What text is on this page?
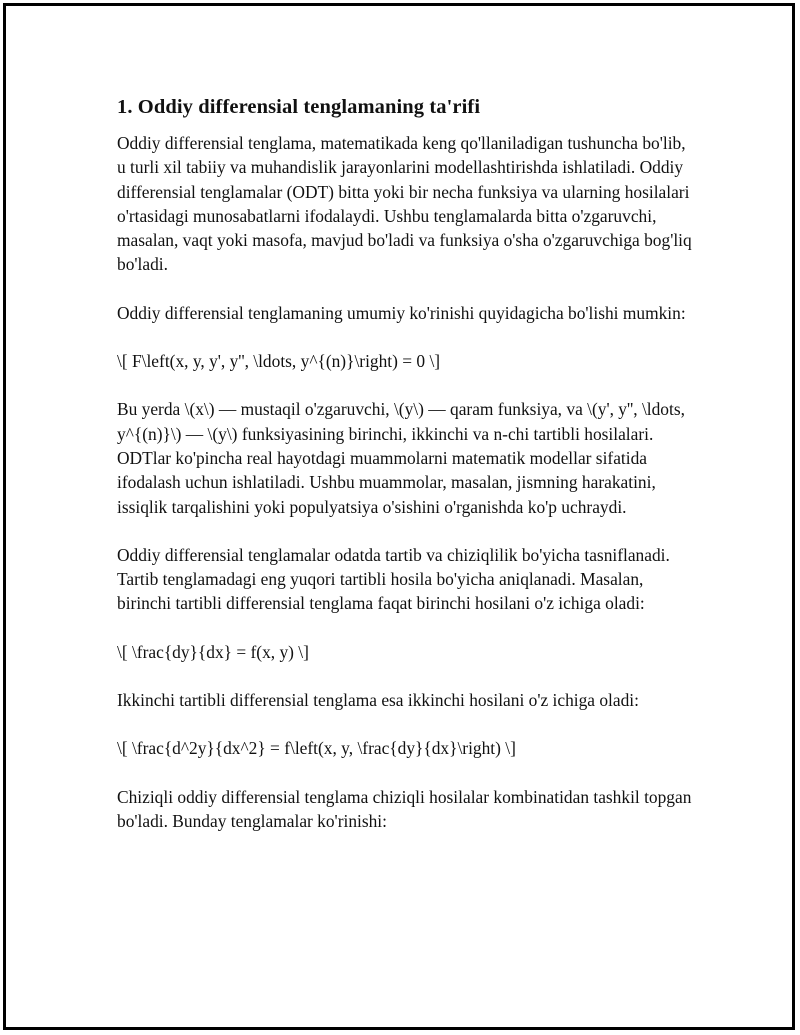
1. Oddiy differensial tenglamaning ta'rifi

Oddiy differensial tenglama, matematikada keng qo'llaniladigan tushuncha bo'lib, u turli xil tabiiy va muhandislik jarayonlarini modellashtirishda ishlatiladi. Oddiy differensial tenglamalar (ODT) bitta yoki bir necha funksiya va ularning hosilalari o'rtasidagi munosabatlarni ifodalaydi. Ushbu tenglamalarda bitta o'zgaruvchi, masalan, vaqt yoki masofa, mavjud bo'ladi va funksiya o'sha o'zgaruvchiga bog'liq bo'ladi.

Oddiy differensial tenglamaning umumiy ko'rinishi quyidagicha bo'lishi mumkin:

\[ F\left(x, y, y', y'', \ldots, y^{(n)}\right) = 0 \]

Bu yerda \(x\) — mustaqil o'zgaruvchi, \(y\) — qaram funksiya, va \(y', y'', \ldots, y^{(n)}\) — \(y\) funksiyasining birinchi, ikkinchi va n-chi tartibli hosilalari. ODTlar ko'pincha real hayotdagi muammolarni matematik modellar sifatida ifodalash uchun ishlatiladi. Ushbu muammolar, masalan, jismning harakatini, issiqlik tarqalishini yoki populyatsiya o'sishini o'rganishda ko'p uchraydi.

Oddiy differensial tenglamalar odatda tartib va chiziqlilik bo'yicha tasniflanadi. Tartib tenglamadagi eng yuqori tartibli hosila bo'yicha aniqlanadi. Masalan, birinchi tartibli differensial tenglama faqat birinchi hosilani o'z ichiga oladi:

\[ \frac{dy}{dx} = f(x, y) \]

Ikkinchi tartibli differensial tenglama esa ikkinchi hosilani o'z ichiga oladi:

\[ \frac{d^2y}{dx^2} = f\left(x, y, \frac{dy}{dx}\right) \]

Chiziqli oddiy differensial tenglama chiziqli hosilalar kombinatidan tashkil topgan bo'ladi. Bunday tenglamalar ko'rinishi:
